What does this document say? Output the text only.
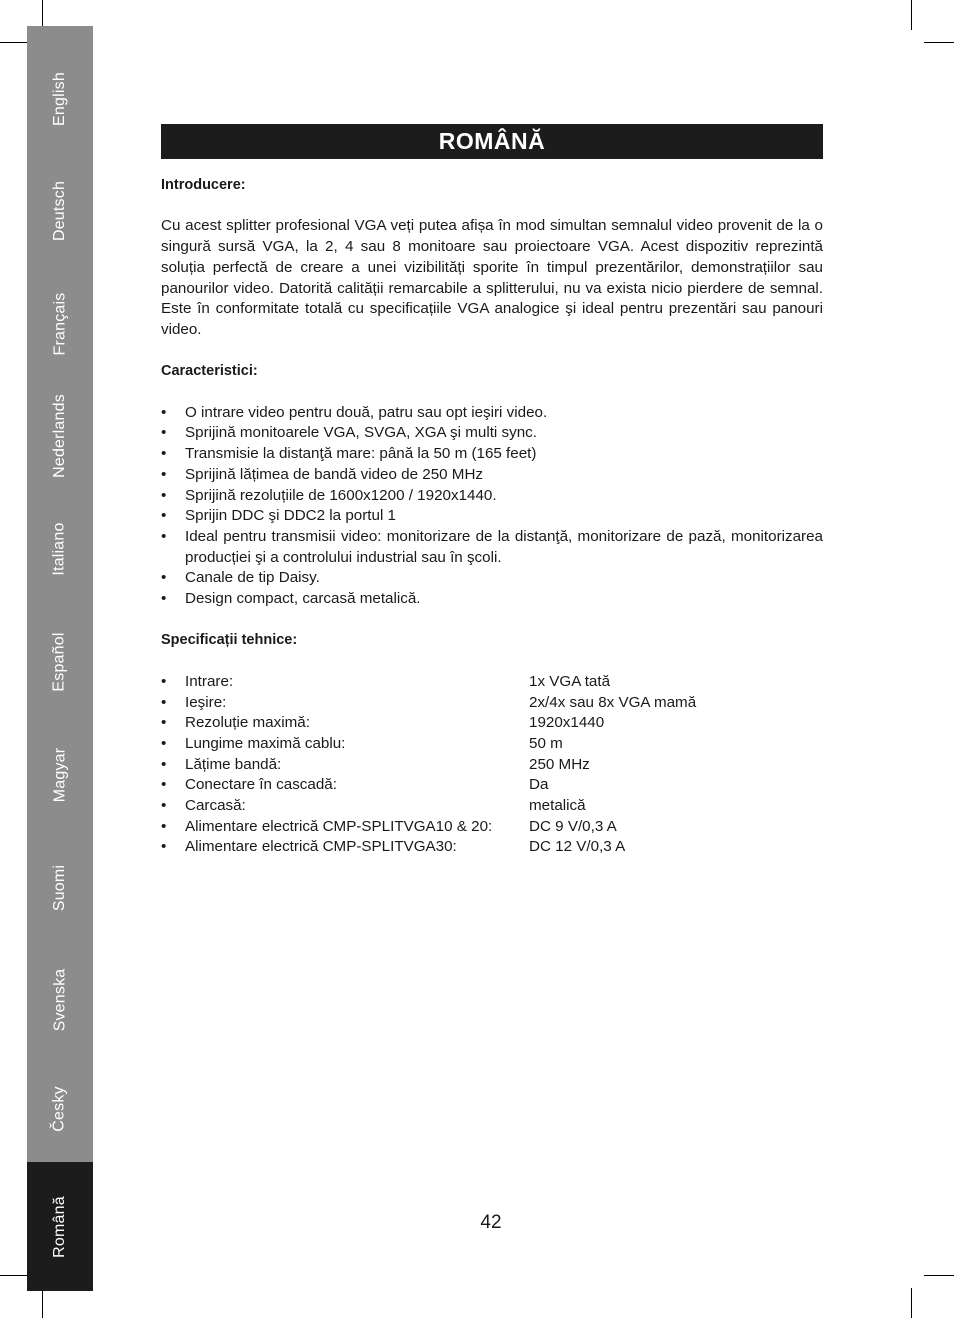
English
Deutsch
Français
Nederlands
Italiano
Español
Magyar
Suomi
Svenska
Česky
Română
ROMÂNĂ

Introducere:

Cu acest splitter profesional VGA veți putea afișa în mod simultan semnalul video provenit de la o singură sursă VGA, la 2, 4 sau 8 monitoare sau proiectoare VGA. Acest dispozitiv reprezintă soluția perfectă de creare a unei vizibilități sporite în timpul prezentărilor, demonstrațiilor sau panourilor video. Datorită calității remarcabile a splitterului, nu va exista nicio pierdere de semnal. Este în conformitate totală cu specificațiile VGA analogice şi ideal pentru prezentări sau panouri video.

Caracteristici:

• O intrare video pentru două, patru sau opt ieşiri video.
• Sprijină monitoarele VGA, SVGA, XGA şi multi sync.
• Transmisie la distanţă mare: până la 50 m (165 feet)
• Sprijină lățimea de bandă video de 250 MHz
• Sprijină rezoluțiile de 1600x1200 / 1920x1440.
• Sprijin DDC şi DDC2 la portul 1
• Ideal pentru transmisii video: monitorizare de la distanţă, monitorizare de pază, monitorizarea producției şi a controlului industrial sau în şcoli.
• Canale de tip Daisy.
• Design compact, carcasă metalică.

Specificații tehnice:

• Intrare:	1x VGA tată
• Ieşire:	2x/4x sau 8x VGA mamă
• Rezoluție maximă:	1920x1440
• Lungime maximă cablu:	50 m
• Lățime bandă:	250 MHz
• Conectare în cascadă:	Da
• Carcasă:	metalică
• Alimentare electrică CMP-SPLITVGA10 & 20:	DC 9 V/0,3 A
• Alimentare electrică CMP-SPLITVGA30:	DC 12 V/0,3 A
42
